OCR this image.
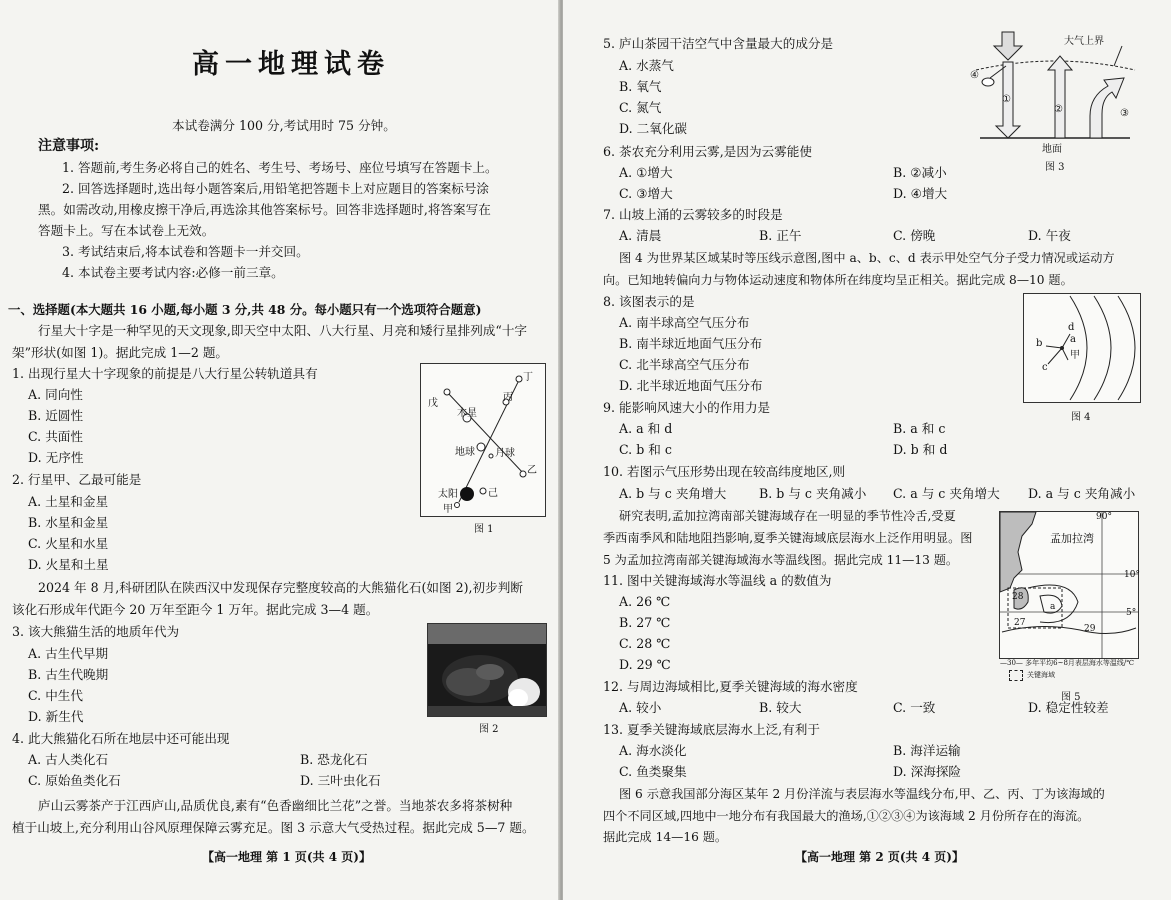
高一地理试卷
本试卷满分 100 分,考试用时 75 分钟。
注意事项:
1. 答题前,考生务必将自己的姓名、考生号、考场号、座位号填写在答题卡上。
2. 回答选择题时,选出每小题答案后,用铅笔把答题卡上对应题目的答案标号涂
黑。如需改动,用橡皮擦干净后,再选涂其他答案标号。回答非选择题时,将答案写在
答题卡上。写在本试卷上无效。
3. 考试结束后,将本试卷和答题卡一并交回。
4. 本试卷主要考试内容:必修一前三章。
一、选择题(本大题共 16 小题,每小题 3 分,共 48 分。每小题只有一个选项符合题意)
行星大十字是一种罕见的天文现象,即天空中太阳、八大行星、月亮和矮行星排列成“十字
架”形状(如图 1)。据此完成 1—2 题。
1. 出现行星大十字现象的前提是八大行星公转轨道具有
A. 同向性
B. 近圆性
C. 共面性
D. 无序性
2. 行星甲、乙最可能是
A. 土星和金星
B. 水星和金星
C. 火星和水星
D. 火星和土星
2024 年 8 月,科研团队在陕西汉中发现保存完整度较高的大熊猫化石(如图 2),初步判断
该化石形成年代距今 20 万年至距今 1 万年。据此完成 3—4 题。
3. 该大熊猫生活的地质年代为
A. 古生代早期
B. 古生代晚期
C. 中生代
D. 新生代
4. 此大熊猫化石所在地层中还可能出现
A. 古人类化石	B. 恐龙化石
C. 原始鱼类化石	D. 三叶虫化石
庐山云雾茶产于江西庐山,品质优良,素有“色香幽细比兰花”之誉。当地茶农多将茶树种
植于山坡上,充分利用山谷风原理保障云雾充足。图 3 示意大气受热过程。据此完成 5—7 题。
【高一地理 第 1 页(共 4 页)】
丁
丙
戊
木星
地球 月球
乙
太阳	己
甲
图 1
图 2
5. 庐山茶园干洁空气中含量最大的成分是
A. 水蒸气
B. 氧气
C. 氮气
D. 二氧化碳
6. 茶农充分利用云雾,是因为云雾能使
A. ①增大	B. ②减小
C. ③增大	D. ④增大
7. 山坡上涌的云雾较多的时段是
A. 清晨	B. 正午	C. 傍晚	D. 午夜
图 4 为世界某区域某时等压线示意图,图中 a、b、c、d 表示甲处空气分子受力情况或运动方
向。已知地转偏向力与物体运动速度和物体所在纬度均呈正相关。据此完成 8—10 题。
8. 该图表示的是
A. 南半球高空气压分布
B. 南半球近地面气压分布
C. 北半球高空气压分布
D. 北半球近地面气压分布
9. 能影响风速大小的作用力是
A. a 和 d	B. a 和 c
C. b 和 c	D. b 和 d
10. 若图示气压形势出现在较高纬度地区,则
A. b 与 c 夹角增大	B. b 与 c 夹角减小 C. a 与 c 夹角增大 D. a 与 c 夹角减小
研究表明,孟加拉湾南部关键海域存在一明显的季节性冷舌,受夏
季西南季风和陆地阻挡影响,夏季关键海域底层海水上泛作用明显。图
5 为孟加拉湾南部关键海域海水等温线图。据此完成 11—13 题。
11. 图中关键海域海水等温线 a 的数值为
A. 26 ℃
B. 27 ℃
C. 28 ℃
D. 29 ℃
12. 与周边海域相比,夏季关键海域的海水密度
A. 较小	B. 较大	C. 一致	D. 稳定性较差
13. 夏季关键海域底层海水上泛,有利于
A. 海水淡化	B. 海洋运输
C. 鱼类聚集	D. 深海探险
图 6 示意我国部分海区某年 2 月份洋流与表层海水等温线分布,甲、乙、丙、丁为该海域的
四个不同区域,四地中一地分布有我国最大的渔场,①②③④为该海域 2 月份所存在的海流。
据此完成 14—16 题。
【高一地理 第 2 页(共 4 页)】
大气上界
④
①
②	③
地面
图 3
d
b	a
甲
c
图 4
孟加拉湾
90°
10°
5°
28
27
a
29
—30— 多年平均6~8月表层海水等温线/℃
关键海域
图 5
